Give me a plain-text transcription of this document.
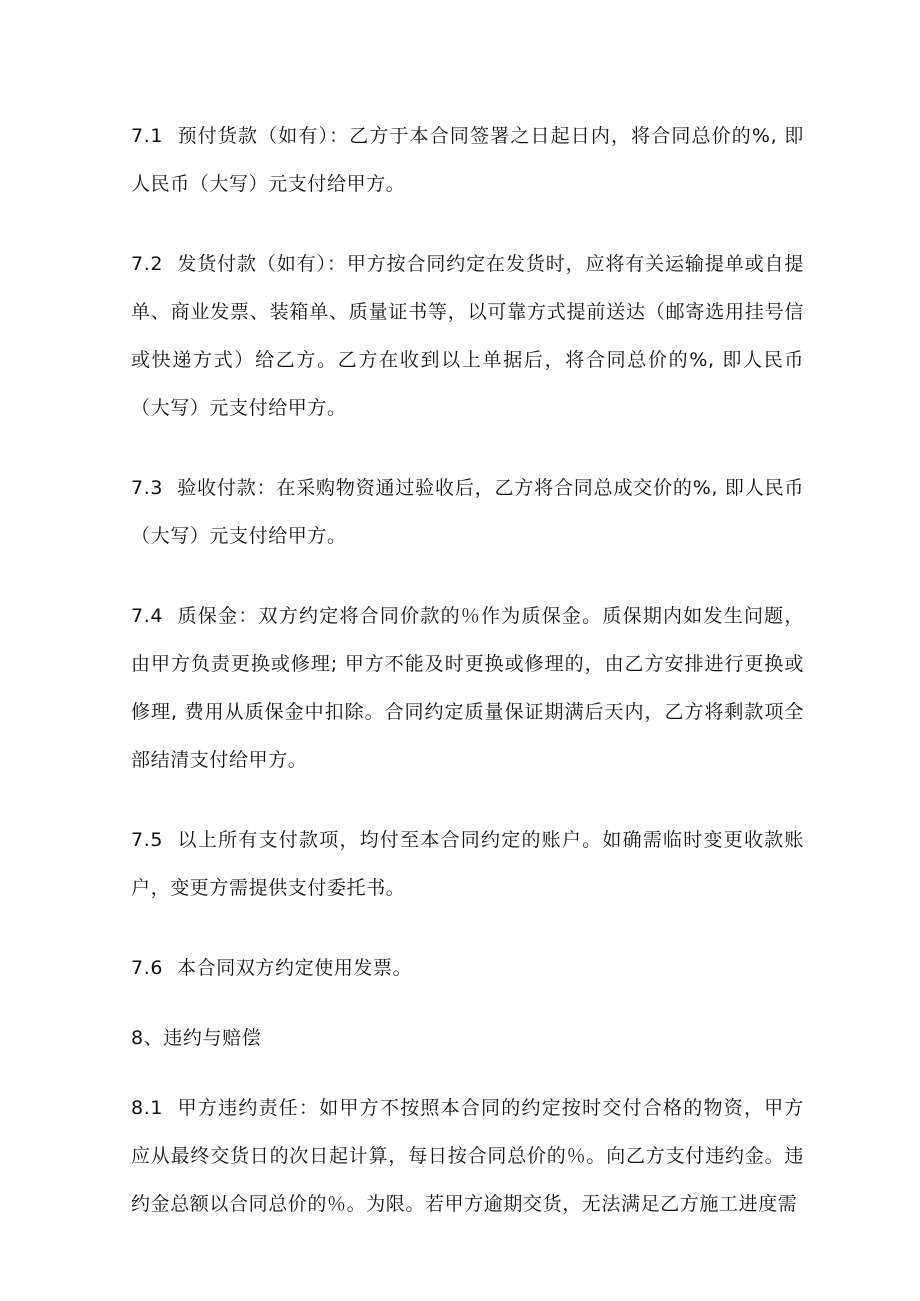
7.1 预付货款（如有）：乙方于本合同签署之日起日内，将合同总价的%, 即人民币（大写）元支付给甲方。

7.2 发货付款（如有）：甲方按合同约定在发货时，应将有关运输提单或自提单、商业发票、装箱单、质量证书等，以可靠方式提前送达（邮寄选用挂号信或快递方式）给乙方。乙方在收到以上单据后，将合同总价的%, 即人民币（大写）元支付给甲方。

7.3 验收付款：在采购物资通过验收后，乙方将合同总成交价的%, 即人民币（大写）元支付给甲方。

7.4 质保金：双方约定将合同价款的％作为质保金。质保期内如发生问题，由甲方负责更换或修理; 甲方不能及时更换或修理的，由乙方安排进行更换或修理, 费用从质保金中扣除。合同约定质量保证期满后天内，乙方将剩款项全部结清支付给甲方。

7.5 以上所有支付款项，均付至本合同约定的账户。如确需临时变更收款账户，变更方需提供支付委托书。

7.6 本合同双方约定使用发票。

8、违约与赔偿

8.1 甲方违约责任：如甲方不按照本合同的约定按时交付合格的物资，甲方应从最终交货日的次日起计算，每日按合同总价的％。向乙方支付违约金。违约金总额以合同总价的％。为限。若甲方逾期交货，无法满足乙方施工进度需
